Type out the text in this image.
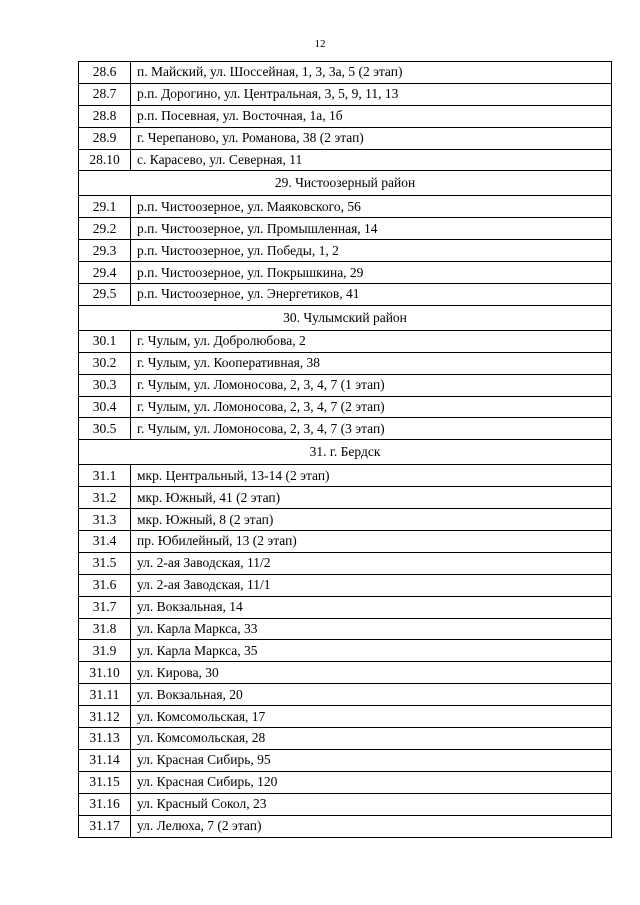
12
28.6	п. Майский, ул. Шоссейная, 1, 3, 3а, 5 (2 этап)
28.7	р.п. Дорогино, ул. Центральная, 3, 5, 9, 11, 13
28.8	р.п. Посевная, ул. Восточная, 1а, 1б
28.9	г. Черепаново, ул. Романова, 38 (2 этап)
28.10	с. Карасево, ул. Северная, 11
29. Чистоозерный район	
29.1	р.п. Чистоозерное, ул. Маяковского, 56
29.2	р.п. Чистоозерное, ул. Промышленная, 14
29.3	р.п. Чистоозерное, ул. Победы, 1, 2
29.4	р.п. Чистоозерное, ул. Покрышкина, 29
29.5	р.п. Чистоозерное, ул. Энергетиков, 41
30. Чулымский район	
30.1	г. Чулым, ул. Добролюбова, 2
30.2	г. Чулым, ул. Кооперативная, 38
30.3	г. Чулым, ул. Ломоносова, 2, 3, 4, 7 (1 этап)
30.4	г. Чулым, ул. Ломоносова, 2, 3, 4, 7 (2 этап)
30.5	г. Чулым, ул. Ломоносова, 2, 3, 4, 7 (3 этап)
31. г. Бердск	
31.1	мкр. Центральный, 13-14 (2 этап)
31.2	мкр. Южный, 41 (2 этап)
31.3	мкр. Южный, 8 (2 этап)
31.4	пр. Юбилейный, 13 (2 этап)
31.5	ул. 2-ая Заводская, 11/2
31.6	ул. 2-ая Заводская, 11/1
31.7	ул. Вокзальная, 14
31.8	ул. Карла Маркса, 33
31.9	ул. Карла Маркса, 35
31.10	ул. Кирова, 30
31.11	ул. Вокзальная, 20
31.12	ул. Комсомольская, 17
31.13	ул. Комсомольская, 28
31.14	ул. Красная Сибирь, 95
31.15	ул. Красная Сибирь, 120
31.16	ул. Красный Сокол, 23
31.17	ул. Лелюха, 7 (2 этап)
